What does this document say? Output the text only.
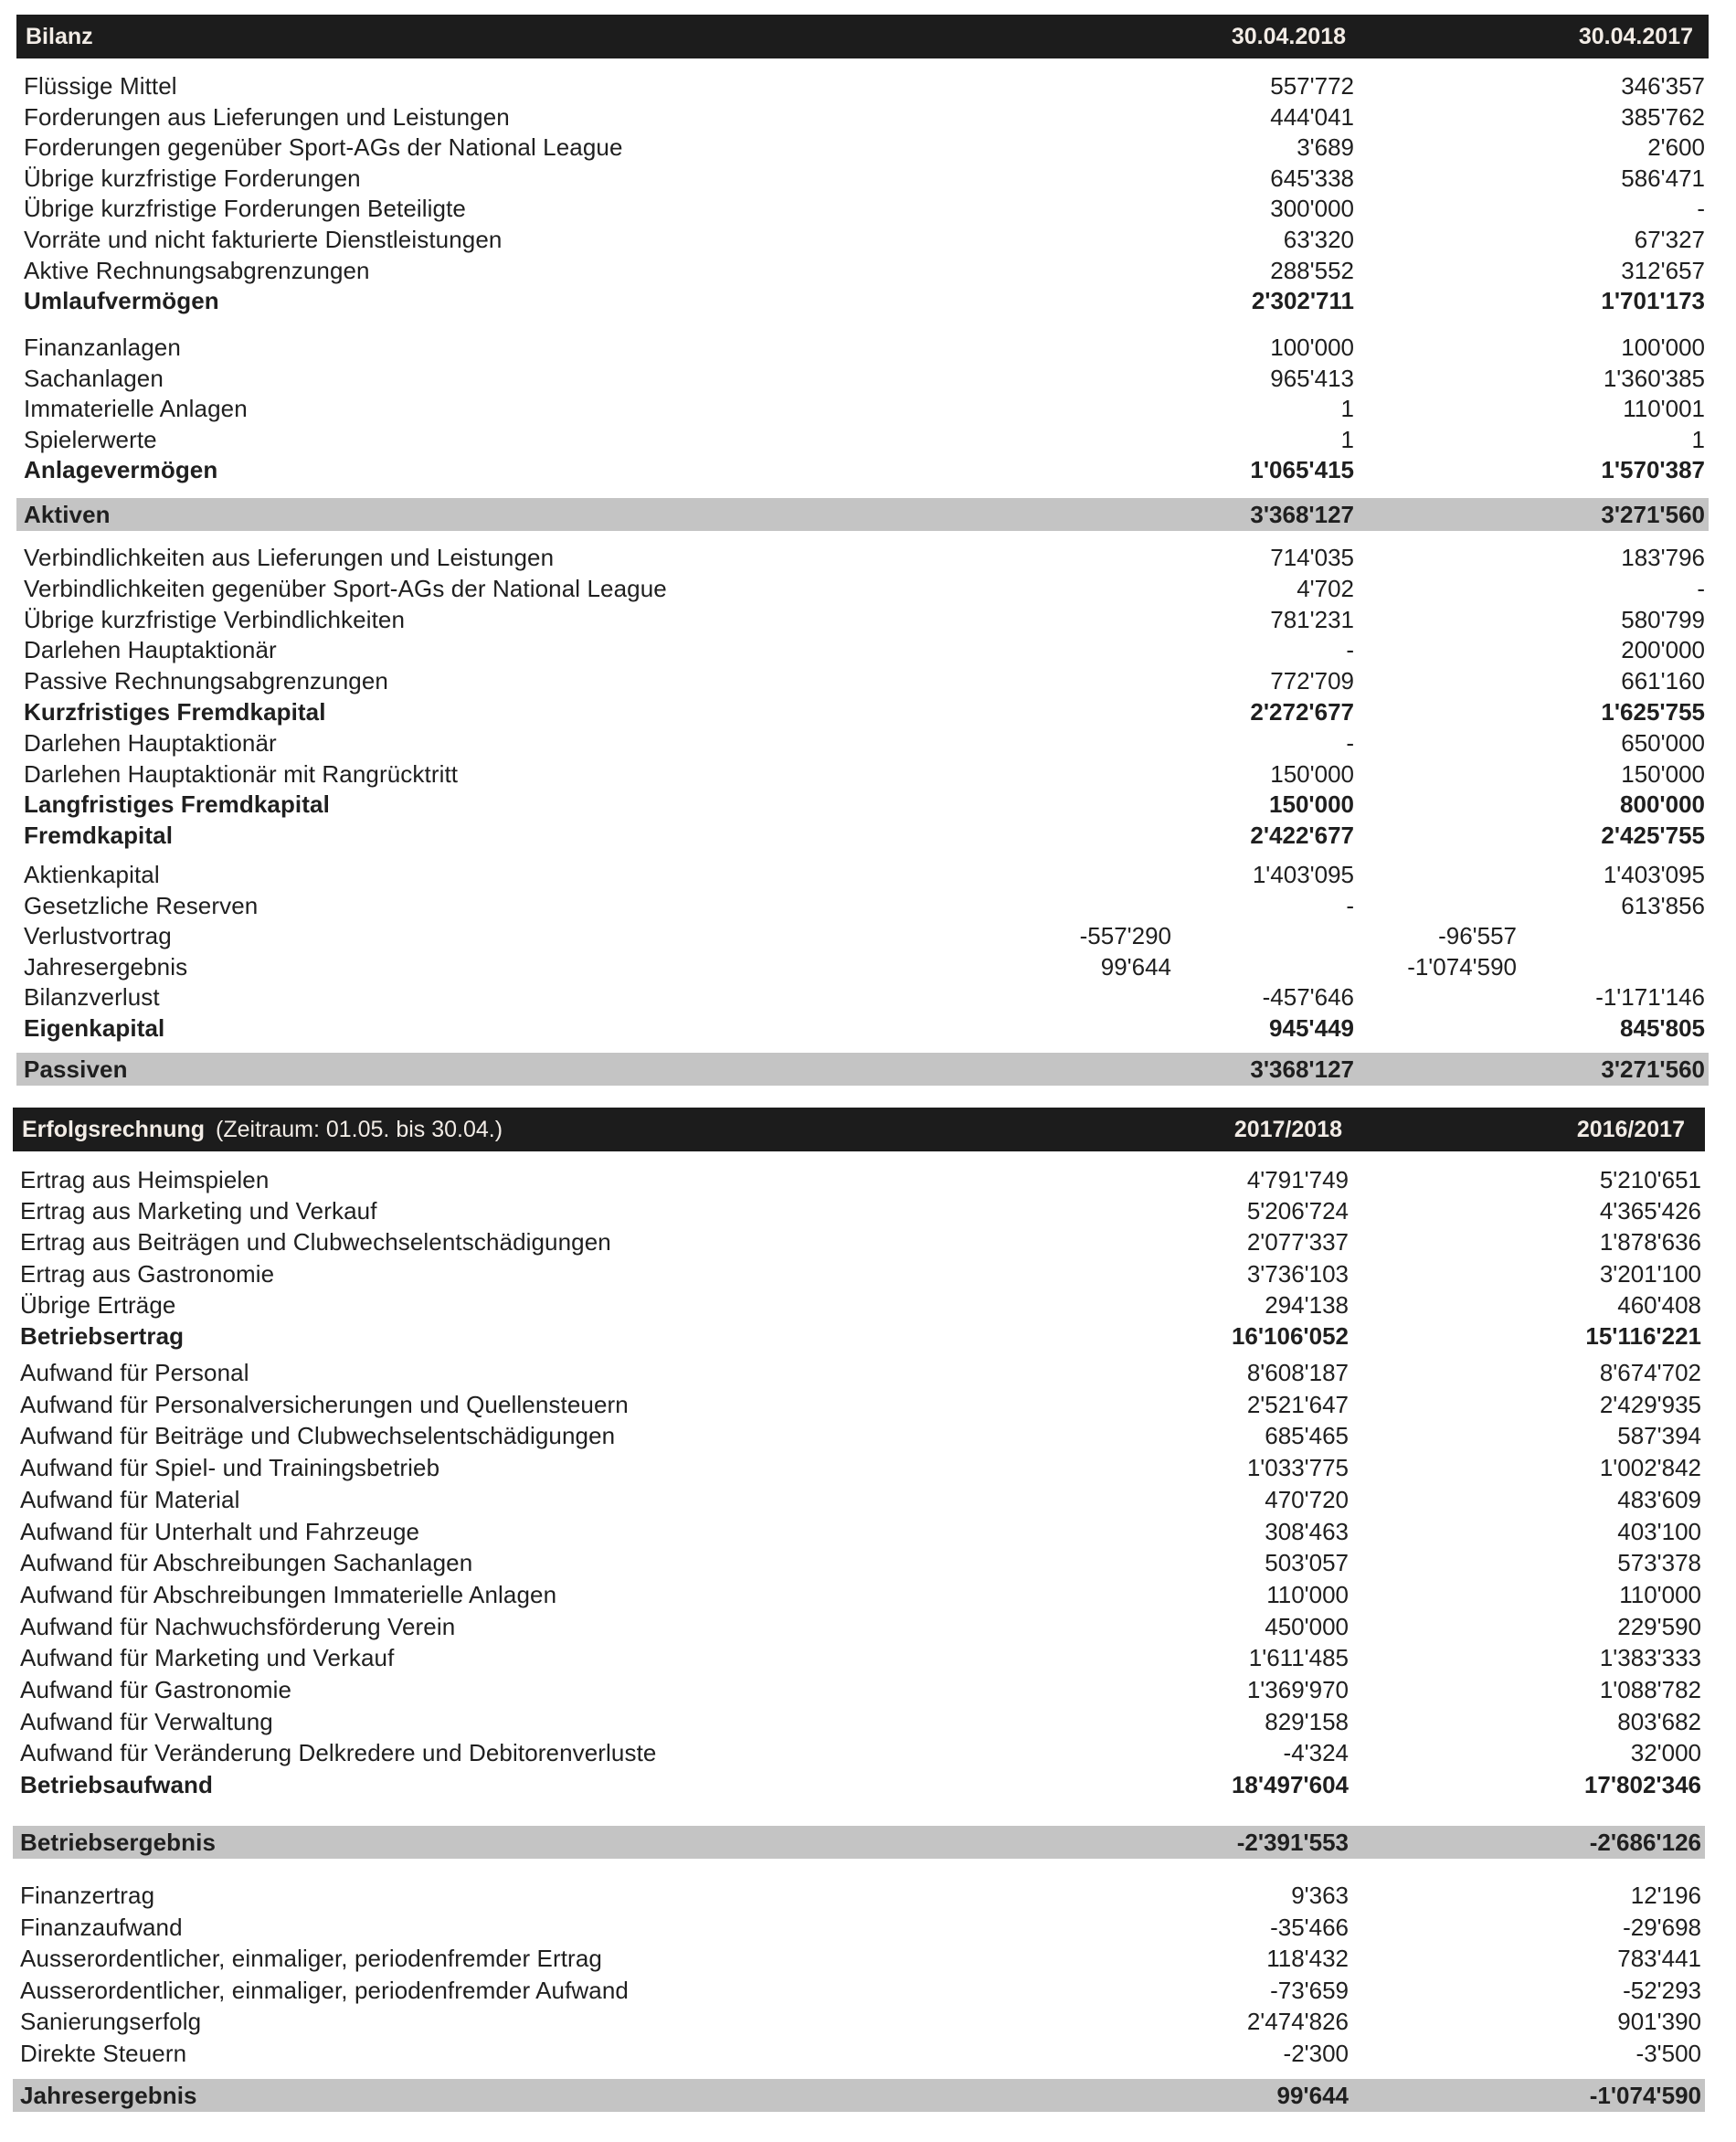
Bilanz	30.04.2018	30.04.2017
Flüssige Mittel	557'772	346'357
Forderungen aus Lieferungen und Leistungen	444'041	385'762
Forderungen gegenüber Sport-AGs der National League	3'689	2'600
Übrige kurzfristige Forderungen	645'338	586'471
Übrige kurzfristige Forderungen Beteiligte	300'000	-
Vorräte und nicht fakturierte Dienstleistungen	63'320	67'327
Aktive Rechnungsabgrenzungen	288'552	312'657
Umlaufvermögen	2'302'711	1'701'173
Finanzanlagen	100'000	100'000
Sachanlagen	965'413	1'360'385
Immaterielle Anlagen	1	110'001
Spielerwerte	1	1
Anlagevermögen	1'065'415	1'570'387
Aktiven	3'368'127	3'271'560
Verbindlichkeiten aus Lieferungen und Leistungen	714'035	183'796
Verbindlichkeiten gegenüber Sport-AGs der National League	4'702	-
Übrige kurzfristige Verbindlichkeiten	781'231	580'799
Darlehen Hauptaktionär	-	200'000
Passive Rechnungsabgrenzungen	772'709	661'160
Kurzfristiges Fremdkapital	2'272'677	1'625'755
Darlehen Hauptaktionär	-	650'000
Darlehen Hauptaktionär mit Rangrücktritt	150'000	150'000
Langfristiges Fremdkapital	150'000	800'000
Fremdkapital	2'422'677	2'425'755
Aktienkapital	1'403'095	1'403'095
Gesetzliche Reserven	-	613'856
Verlustvortrag	-557'290	-96'557
Jahresergebnis	99'644	-1'074'590
Bilanzverlust	-457'646	-1'171'146
Eigenkapital	945'449	845'805
Passiven	3'368'127	3'271'560
Erfolgsrechnung (Zeitraum: 01.05. bis 30.04.)	2017/2018	2016/2017
Ertrag aus Heimspielen	4'791'749	5'210'651
Ertrag aus Marketing und Verkauf	5'206'724	4'365'426
Ertrag aus Beiträgen und Clubwechselentschädigungen	2'077'337	1'878'636
Ertrag aus Gastronomie	3'736'103	3'201'100
Übrige Erträge	294'138	460'408
Betriebsertrag	16'106'052	15'116'221
Aufwand für Personal	8'608'187	8'674'702
Aufwand für Personalversicherungen und Quellensteuern	2'521'647	2'429'935
Aufwand für Beiträge und Clubwechselentschädigungen	685'465	587'394
Aufwand für Spiel- und Trainingsbetrieb	1'033'775	1'002'842
Aufwand für Material	470'720	483'609
Aufwand für Unterhalt und Fahrzeuge	308'463	403'100
Aufwand für Abschreibungen Sachanlagen	503'057	573'378
Aufwand für Abschreibungen Immaterielle Anlagen	110'000	110'000
Aufwand für Nachwuchsförderung Verein	450'000	229'590
Aufwand für Marketing und Verkauf	1'611'485	1'383'333
Aufwand für Gastronomie	1'369'970	1'088'782
Aufwand für Verwaltung	829'158	803'682
Aufwand für Veränderung Delkredere und Debitorenverluste	-4'324	32'000
Betriebsaufwand	18'497'604	17'802'346
Betriebsergebnis	-2'391'553	-2'686'126
Finanzertrag	9'363	12'196
Finanzaufwand	-35'466	-29'698
Ausserordentlicher, einmaliger, periodenfremder Ertrag	118'432	783'441
Ausserordentlicher, einmaliger, periodenfremder Aufwand	-73'659	-52'293
Sanierungserfolg	2'474'826	901'390
Direkte Steuern	-2'300	-3'500
Jahresergebnis	99'644	-1'074'590
